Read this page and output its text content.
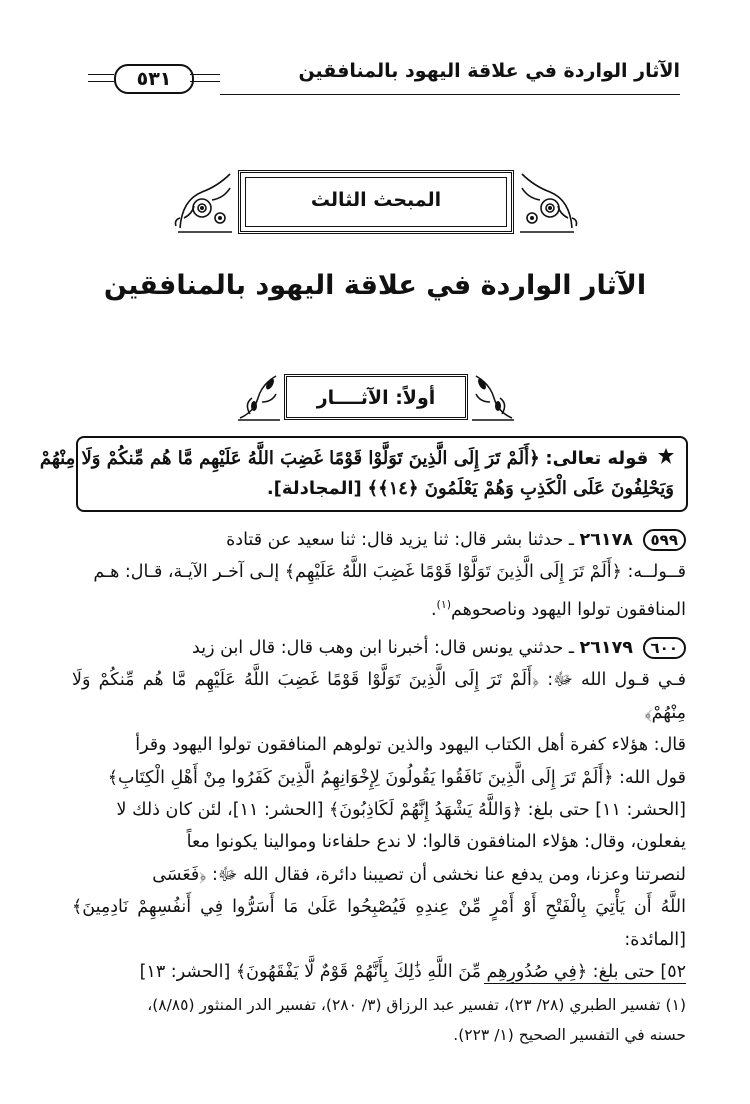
الآثار الواردة في علاقة اليهود بالمنافقين
٥٣١
المبحث الثالث
الآثار الواردة في علاقة اليهود بالمنافقين
أولاً: الآثــــار
قوله تعالى: ﴿أَلَمْ تَرَ إِلَى الَّذِينَ تَوَلَّوْا قَوْمًا غَضِبَ اللَّهُ عَلَيْهِم مَّا هُم مِّنكُمْ وَلَا مِنْهُمْ
وَيَحْلِفُونَ عَلَى الْكَذِبِ وَهُمْ يَعْلَمُونَ ﴿١٤﴾﴾ [المجادلة].

٥٩٩ ٢٦١٧٨ ـ حدثنا بشر قال: ثنا يزيد قال: ثنا سعيد عن قتادة
قــولــه: ﴿أَلَمْ تَرَ إِلَى الَّذِينَ تَوَلَّوْا قَوْمًا غَضِبَ اللَّهُ عَلَيْهِم﴾ إلـى آخـر الآيـة، قـال: هـم
المنافقون تولوا اليهود وناصحوهم$^{(١)}$.

٦٠٠ ٢٦١٧٩ ـ حدثني يونس قال: أخبرنا ابن وهب قال: قال ابن زيد
فـي قـول الله ﷻ: ﴿أَلَمْ تَرَ إِلَى الَّذِينَ تَوَلَّوْا قَوْمًا غَضِبَ اللَّهُ عَلَيْهِم مَّا هُم مِّنكُمْ وَلَا مِنْهُمْ﴾
قال: هؤلاء كفرة أهل الكتاب اليهود والذين تولوهم المنافقون تولوا اليهود وقرأ
قول الله: ﴿أَلَمْ تَرَ إِلَى الَّذِينَ نَافَقُوا يَقُولُونَ لِإِخْوَانِهِمُ الَّذِينَ كَفَرُوا مِنْ أَهْلِ الْكِتَابِ﴾
[الحشر: ١١] حتى بلغ: ﴿وَاللَّهُ يَشْهَدُ إِنَّهُمْ لَكَاذِبُونَ﴾ [الحشر: ١١]، لئن كان ذلك لا
يفعلون، وقال: هؤلاء المنافقون قالوا: لا ندع حلفاءنا وموالينا يكونوا معاً
لنصرتنا وعزنا، ومن يدفع عنا نخشى أن تصيبنا دائرة، فقال الله ﷻ: ﴿فَعَسَى
اللَّهُ أَن يَأْتِيَ بِالْفَتْحِ أَوْ أَمْرٍ مِّنْ عِندِهِ فَيُصْبِحُوا عَلَىٰ مَا أَسَرُّوا فِي أَنفُسِهِمْ نَادِمِينَ﴾ [المائدة:
٥٢] حتى بلغ: ﴿فِي صُدُورِهِم مِّنَ اللَّهِ ذَٰلِكَ بِأَنَّهُمْ قَوْمٌ لَّا يَفْقَهُونَ﴾ [الحشر: ١٣]

(١) تفسير الطبري (٢٨/ ٢٣)، تفسير عبد الرزاق (٣/ ٢٨٠)، تفسير الدر المنثور (٨/٨٥)،
حسنه في التفسير الصحيح (١/ ٢٢٣).
